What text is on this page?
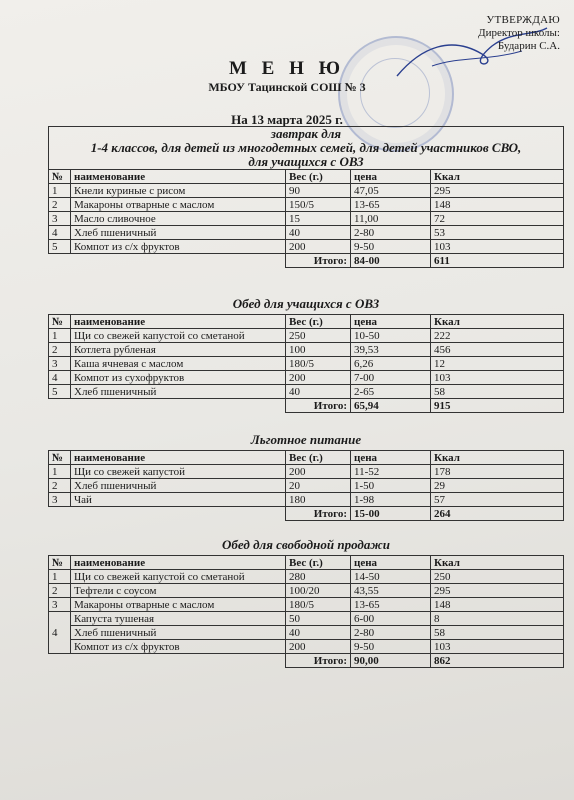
УТВЕРЖДАЮ
Директор школы:
Бударин С.А.
М Е Н Ю
МБОУ Тацинской СОШ № 3
На 13 марта 2025 г.
завтрак для
1-4 классов, для детей из многодетных семей, для детей участников СВО,
для учащихся с ОВЗ
№	наименование	Вес (г.)	цена	Ккал
1	Кнели куриные с рисом	90	47,05	295
2	Макароны отварные с маслом	150/5	13-65	148
3	Масло сливочное	15	11,00	72
4	Хлеб пшеничный	40	2-80	53
5	Компот из с/х фруктов	200	9-50	103
		Итого:	84-00	611
Обед для учащихся с ОВЗ
№	наименование	Вес (г.)	цена	Ккал
1	Щи со свежей капустой со сметаной	250	10-50	222
2	Котлета рубленая	100	39,53	456
3	Каша ячневая с маслом	180/5	6,26	12
4	Компот из сухофруктов	200	7-00	103
5	Хлеб пшеничный	40	2-65	58
		Итого:	65,94	915
Льготное питание
№	наименование	Вес (г.)	цена	Ккал
1	Щи со свежей капустой	200	11-52	178
2	Хлеб пшеничный	20	1-50	29
3	Чай	180	1-98	57
		Итого:	15-00	264
Обед для свободной продажи
№	наименование	Вес (г.)	цена	Ккал
1	Щи со свежей капустой со сметаной	280	14-50	250
2	Тефтели с соусом	100/20	43,55	295
3	Макароны отварные с маслом	180/5	13-65	148
4	Капуста тушеная	50	6-00	8
	Хлеб пшеничный	40	2-80	58
	Компот из с/х фруктов	200	9-50	103
		Итого:	90,00	862
